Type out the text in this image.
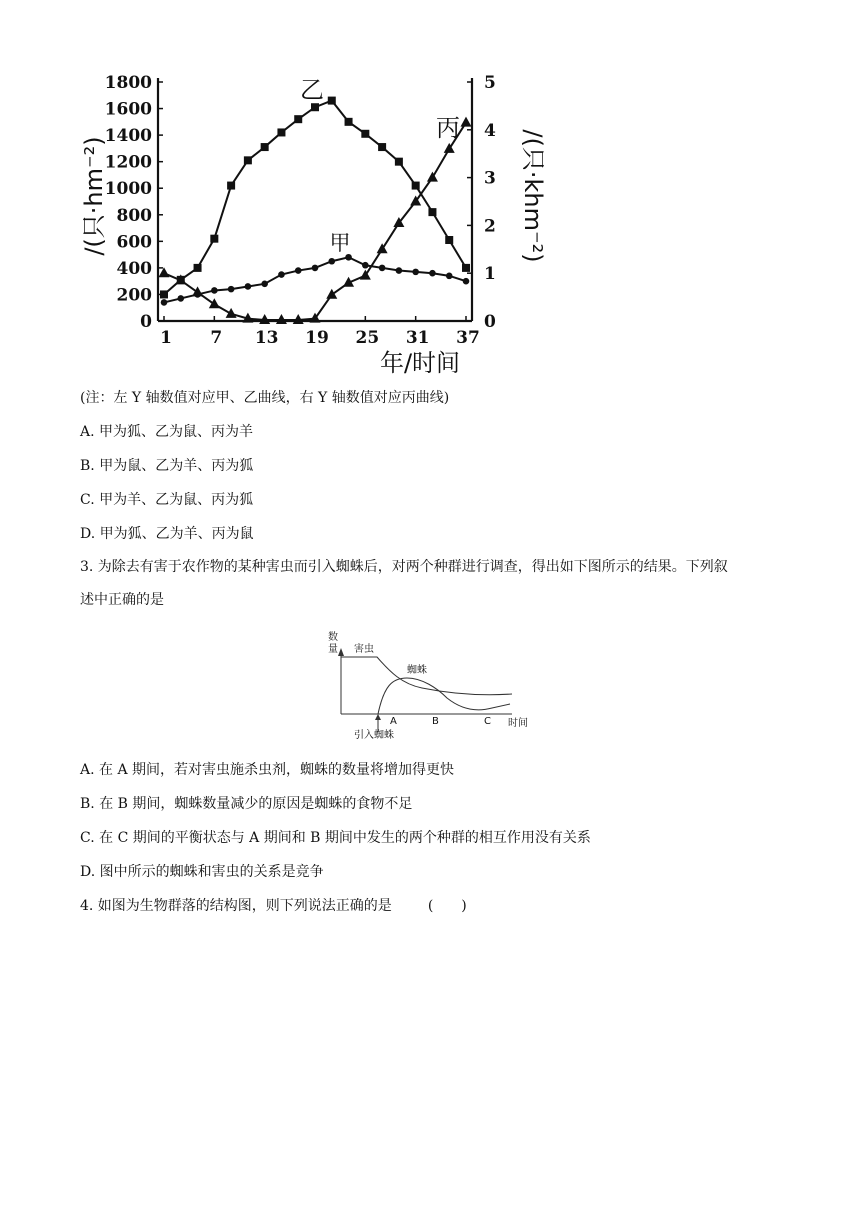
0
200
400
600
800
1000
1200
1400
1600
1800
0
1
2
3
4
5
1 7 13 19 25 31 37
/(只·hm⁻²)	/(只·khm⁻²)
年/时间
乙
甲
丙
(注：左 Y 轴数值对应甲、乙曲线，右 Y 轴数值对应丙曲线)
A. 甲为狐、乙为鼠、丙为羊
B. 甲为鼠、乙为羊、丙为狐
C. 甲为羊、乙为鼠、丙为狐
D. 甲为狐、乙为羊、丙为鼠
3. 为除去有害于农作物的某种害虫而引入蜘蛛后，对两个种群进行调查，得出如下图所示的结果。下列叙
述中正确的是
数
量
时间
害虫
蜘蛛
引入蜘蛛
A	B	C
A. 在 A 期间，若对害虫施杀虫剂，蜘蛛的数量将增加得更快
B. 在 B 期间，蜘蛛数量减少的原因是蜘蛛的食物不足
C. 在 C 期间的平衡状态与 A 期间和 B 期间中发生的两个种群的相互作用没有关系
D. 图中所示的蜘蛛和害虫的关系是竞争
4. 如图为生物群落的结构图，则下列说法正确的是	(　　)
